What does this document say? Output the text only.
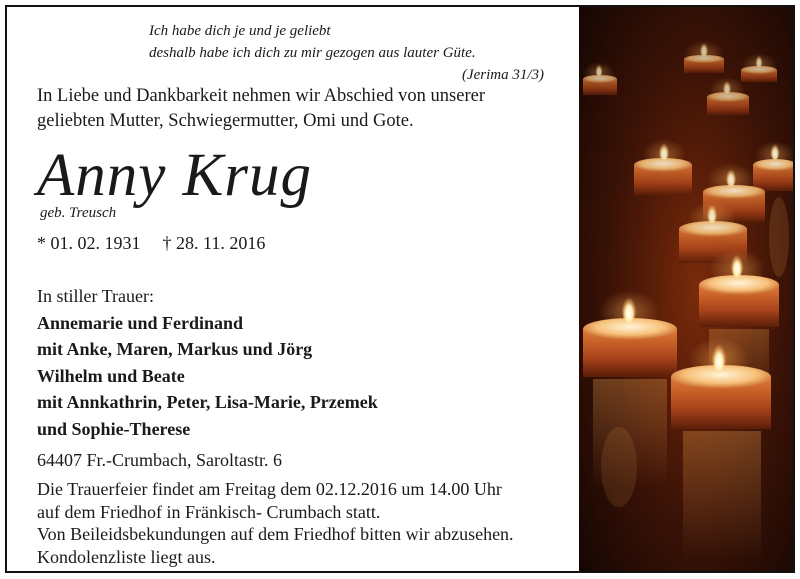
Ich habe dich je und je geliebt
deshalb habe ich dich zu mir gezogen aus lauter Güte.
(Jerima 31/3)
In Liebe und Dankbarkeit nehmen wir Abschied von unserer
geliebten Mutter, Schwiegermutter, Omi und Gote.
Anny Krug
geb. Treusch
* 01. 02. 1931 † 28. 11. 2016
In stiller Trauer:
Annemarie und Ferdinand
mit Anke, Maren, Markus und Jörg
Wilhelm und Beate
mit Annkathrin, Peter, Lisa-Marie, Przemek
und Sophie-Therese
64407 Fr.-Crumbach, Saroltastr. 6
Die Trauerfeier findet am Freitag dem 02.12.2016 um 14.00 Uhr
auf dem Friedhof in Fränkisch- Crumbach statt.
Von Beileidsbekundungen auf dem Friedhof bitten wir abzusehen.
Kondolenzliste liegt aus.
